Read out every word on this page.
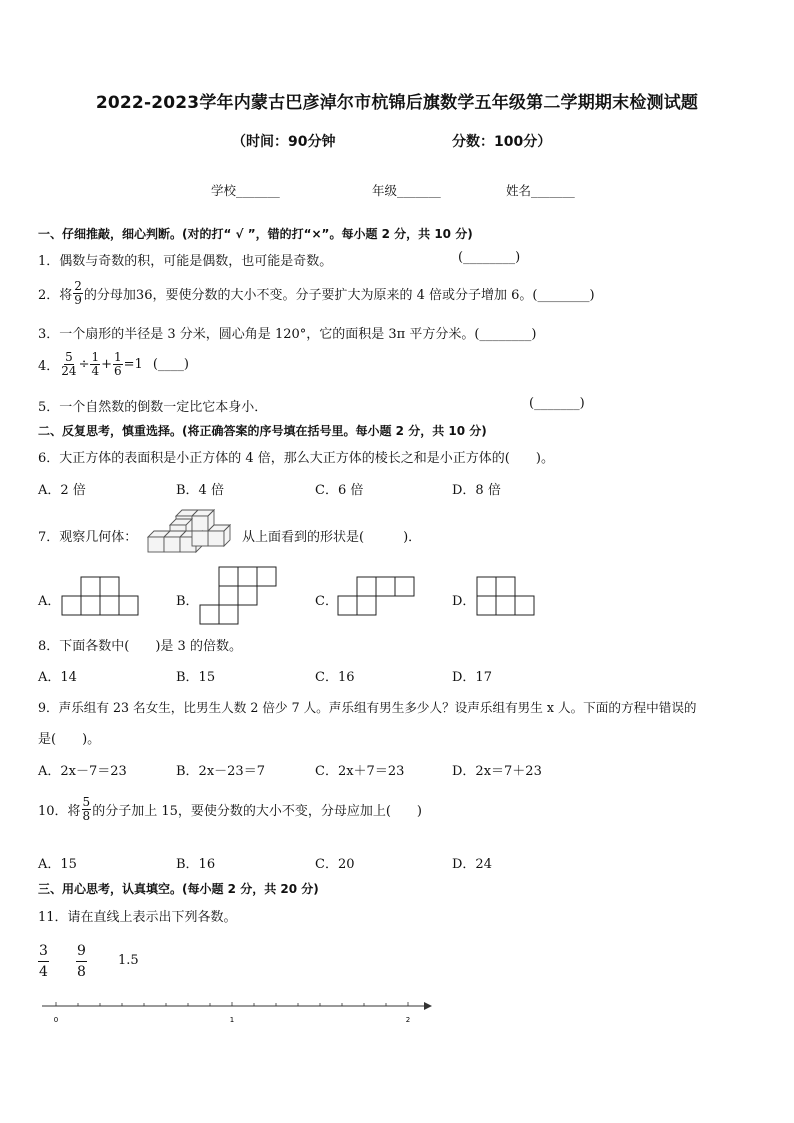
2022-2023学年内蒙古巴彦淖尔市杭锦后旗数学五年级第二学期期末检测试题
（时间：90分钟	分数：100分）
学校_______	年级_______	姓名_______
一、仔细推敲，细心判断。(对的打“ √ ”，错的打“×”。每小题 2 分，共 10 分)
1．偶数与奇数的积，可能是偶数，也可能是奇数。	(________)
2．将 $\frac{2}{9}$ 的分母加36，要使分数的大小不变。分子要扩大为原来的 4 倍或分子增加 6。(________)
3．一个扇形的半径是 3 分米，圆心角是 120°，它的面积是 3π 平方分米。(________)
4． $\frac{5}{24} \div \frac{1}{4} + \frac{1}{6} =1$ (____)
5．一个自然数的倒数一定比它本身小．	(_______)
二、反复思考，慎重选择。(将正确答案的序号填在括号里。每小题 2 分，共 10 分)
6．大正方体的表面积是小正方体的 4 倍，那么大正方体的棱长之和是小正方体的(　　)。
A．2 倍	B．4 倍	C．6 倍	D．8 倍
7．观察几何体：	从上面看到的形状是(　　　)．
A．	B．	C．	D．
8．下面各数中(　　)是 3 的倍数。
A．14	B．15	C．16	D．17
9．声乐组有 23 名女生，比男生人数 2 倍少 7 人。声乐组有男生多少人？设声乐组有男生 x 人。下面的方程中错误的
是(　　)。
A．2x－7＝23	B．2x－23＝7	C．2x＋7＝23	D．2x＝7＋23
10．将 $\frac{5}{8}$ 的分子加上 15，要使分数的大小不变，分母应加上(　　)
A．15	B．16	C．20	D．24
三、用心思考，认真填空。(每小题 2 分，共 20 分)
11．请在直线上表示出下列各数。
$\frac{3}{4} \frac{9}{8} 1.5$
0	1	2
